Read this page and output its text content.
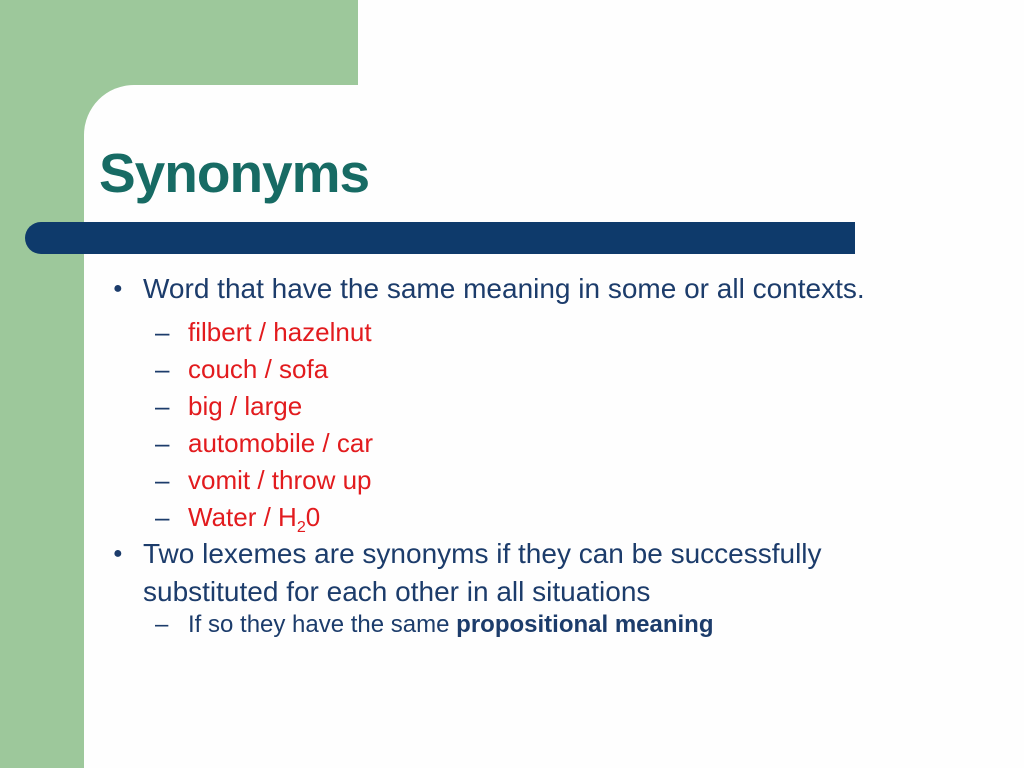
Synonyms
● Word that have the same meaning in some or all contexts.
– filbert / hazelnut
– couch / sofa
– big / large
– automobile / car
– vomit / throw up
– Water / $H_20$
● Two lexemes are synonyms if they can be successfully
substituted for each other in all situations
– If so they have the same propositional meaning
